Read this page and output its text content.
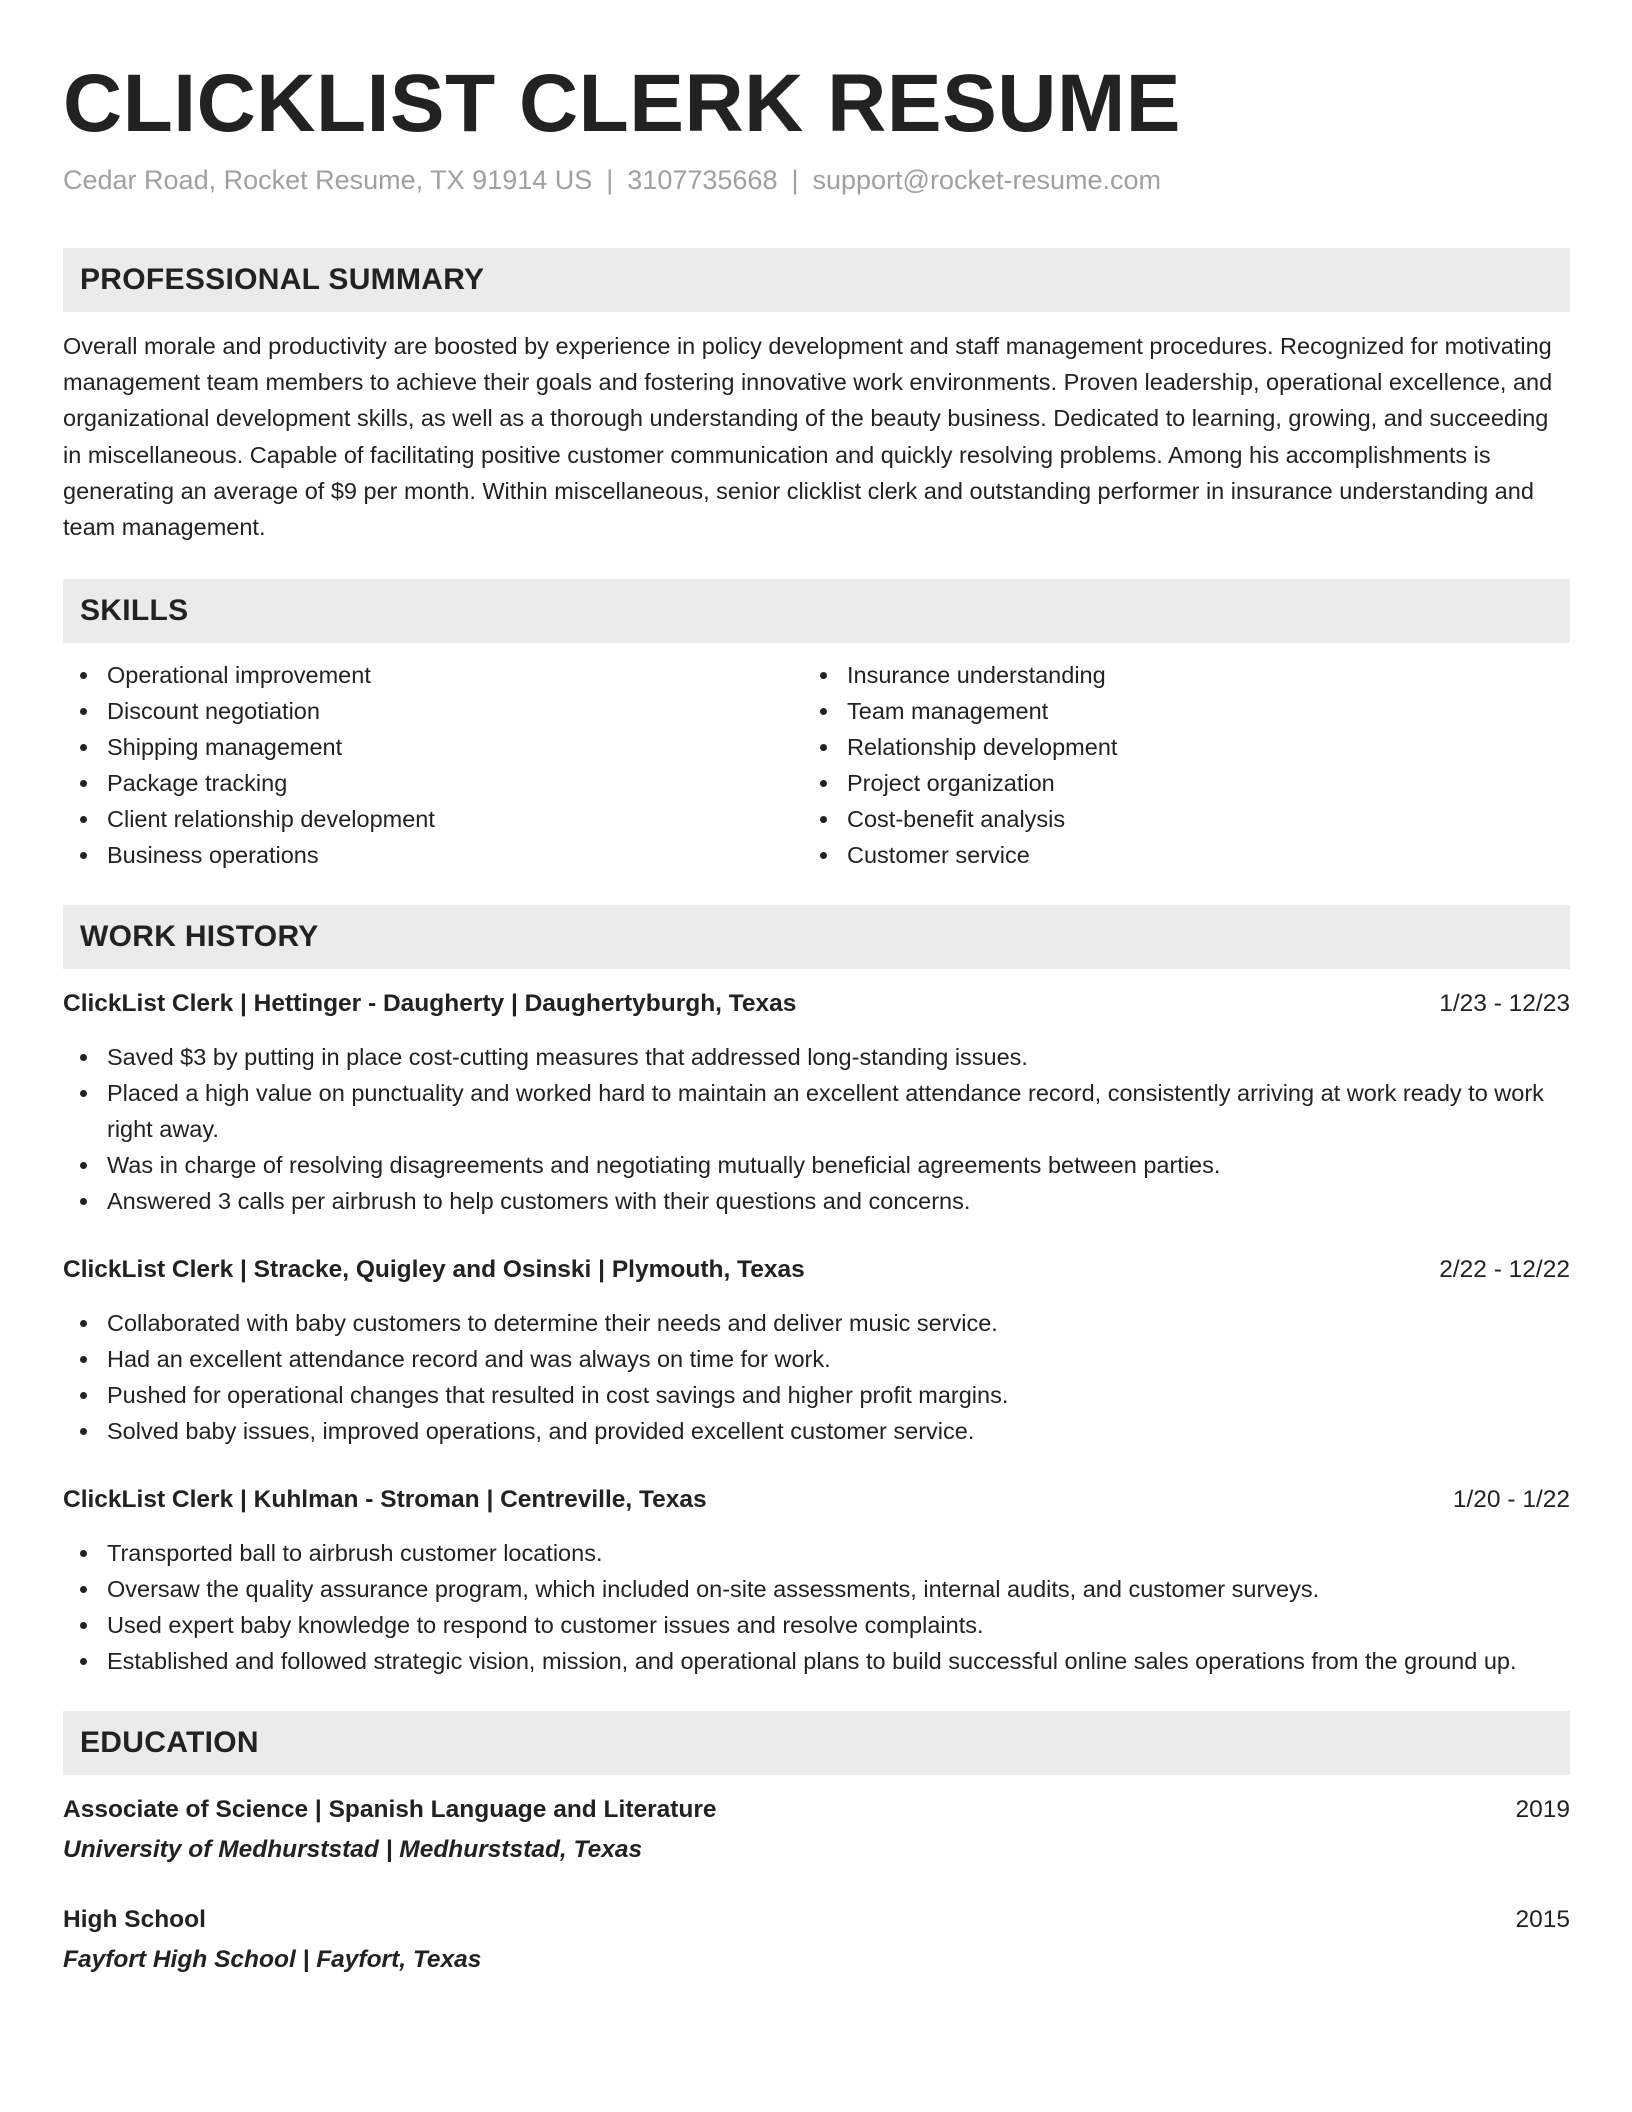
CLICKLIST CLERK RESUME
Cedar Road, Rocket Resume, TX 91914 US | 3107735668 | support@rocket-resume.com
PROFESSIONAL SUMMARY
Overall morale and productivity are boosted by experience in policy development and staff management procedures. Recognized for motivating management team members to achieve their goals and fostering innovative work environments. Proven leadership, operational excellence, and organizational development skills, as well as a thorough understanding of the beauty business. Dedicated to learning, growing, and succeeding in miscellaneous. Capable of facilitating positive customer communication and quickly resolving problems. Among his accomplishments is generating an average of $9 per month. Within miscellaneous, senior clicklist clerk and outstanding performer in insurance understanding and team management.
SKILLS
Operational improvement
Discount negotiation
Shipping management
Package tracking
Client relationship development
Business operations
Insurance understanding
Team management
Relationship development
Project organization
Cost-benefit analysis
Customer service
WORK HISTORY
ClickList Clerk | Hettinger - Daugherty | Daughertyburgh, Texas	1/23 - 12/23
Saved $3 by putting in place cost-cutting measures that addressed long-standing issues.
Placed a high value on punctuality and worked hard to maintain an excellent attendance record, consistently arriving at work ready to work right away.
Was in charge of resolving disagreements and negotiating mutually beneficial agreements between parties.
Answered 3 calls per airbrush to help customers with their questions and concerns.
ClickList Clerk | Stracke, Quigley and Osinski | Plymouth, Texas	2/22 - 12/22
Collaborated with baby customers to determine their needs and deliver music service.
Had an excellent attendance record and was always on time for work.
Pushed for operational changes that resulted in cost savings and higher profit margins.
Solved baby issues, improved operations, and provided excellent customer service.
ClickList Clerk | Kuhlman - Stroman | Centreville, Texas	1/20 - 1/22
Transported ball to airbrush customer locations.
Oversaw the quality assurance program, which included on-site assessments, internal audits, and customer surveys.
Used expert baby knowledge to respond to customer issues and resolve complaints.
Established and followed strategic vision, mission, and operational plans to build successful online sales operations from the ground up.
EDUCATION
Associate of Science | Spanish Language and Literature	2019
University of Medhurststad | Medhurststad, Texas
High School	2015
Fayfort High School | Fayfort, Texas
